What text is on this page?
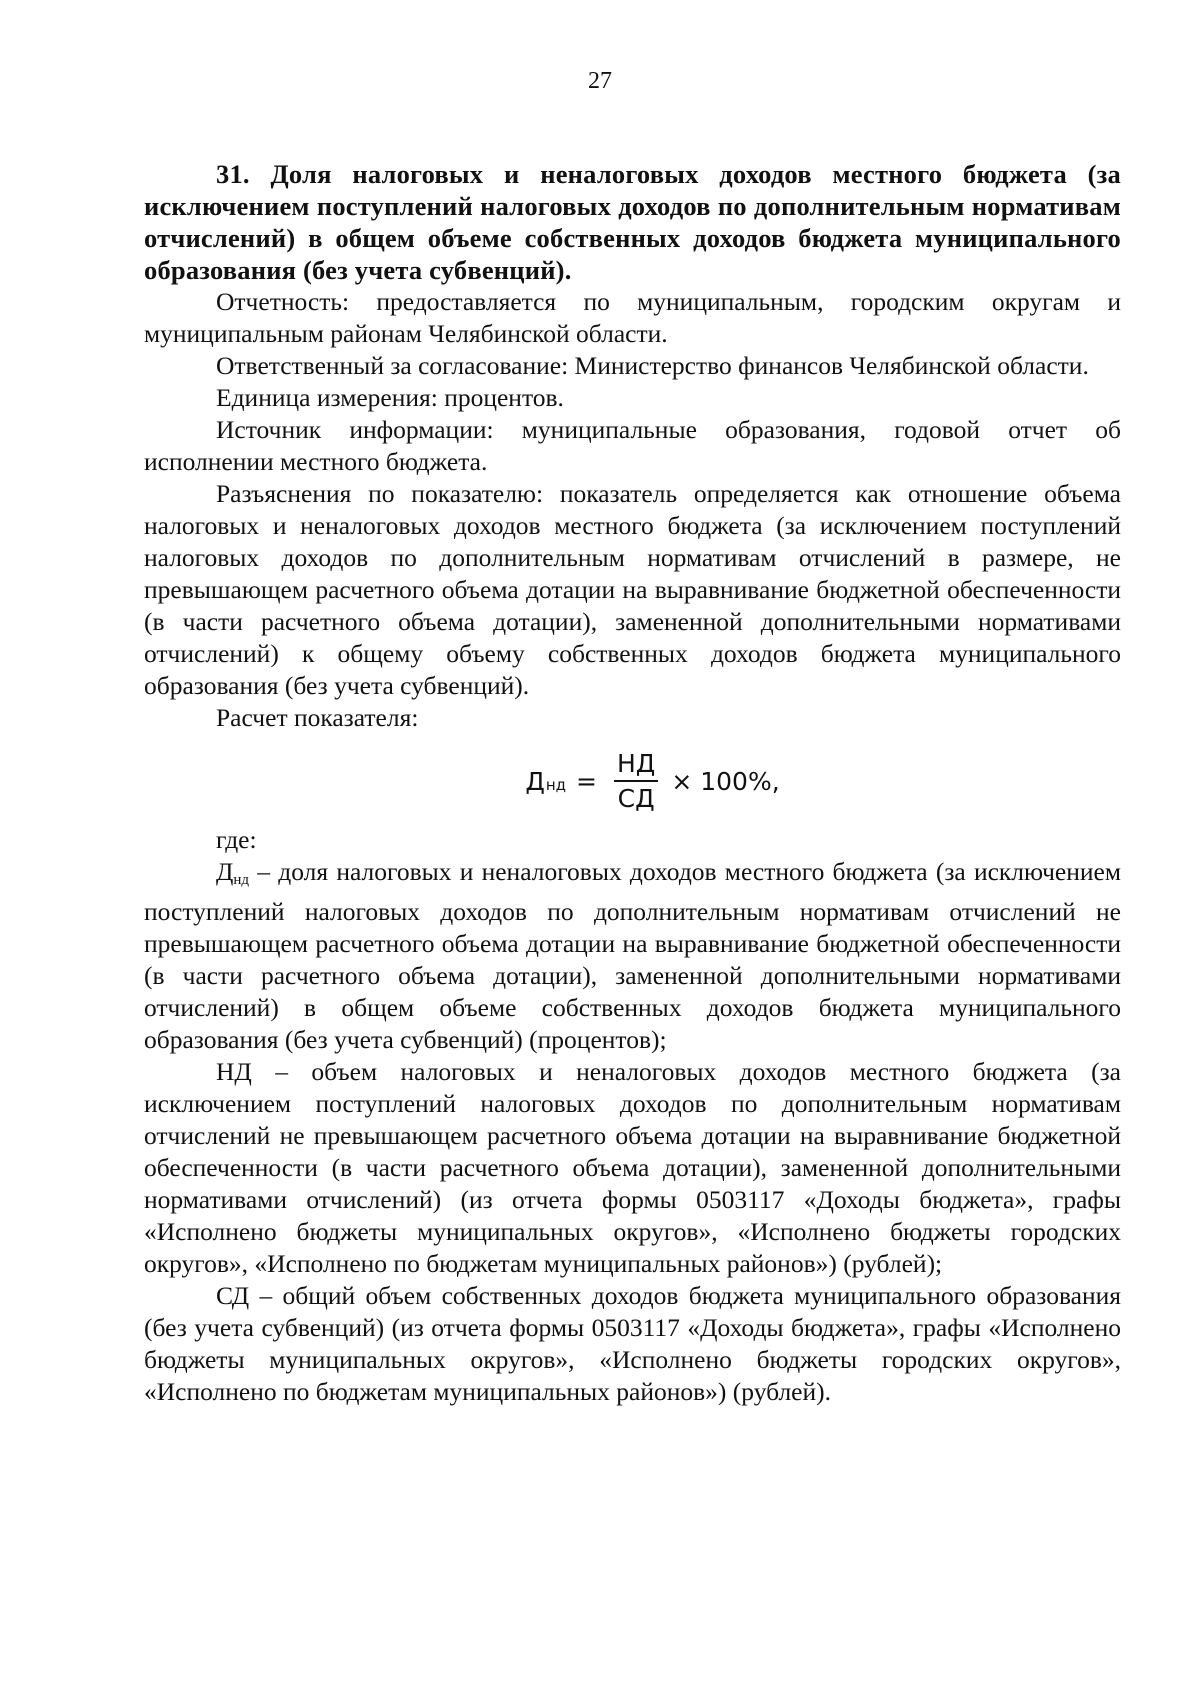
27

31. Доля налоговых и неналоговых доходов местного бюджета (за исключением поступлений налоговых доходов по дополнительным нормативам отчислений) в общем объеме собственных доходов бюджета муниципального образования (без учета субвенций).

Отчетность: предоставляется по муниципальным, городским округам и муниципальным районам Челябинской области.

Ответственный за согласование: Министерство финансов Челябинской области.

Единица измерения: процентов.

Источник информации: муниципальные образования, годовой отчет об исполнении местного бюджета.

Разъяснения по показателю: показатель определяется как отношение объема налоговых и неналоговых доходов местного бюджета (за исключением поступлений налоговых доходов по дополнительным нормативам отчислений в размере, не превышающем расчетного объема дотации на выравнивание бюджетной обеспеченности (в части расчетного объема дотации), замененной дополнительными нормативами отчислений) к общему объему собственных доходов бюджета муниципального образования (без учета субвенций).

Расчет показателя:

Д нд = $\frac{НД}{СД} \times 100\%$,

где:

Днд – доля налоговых и неналоговых доходов местного бюджета (за исключением поступлений налоговых доходов по дополнительным нормативам отчислений не превышающем расчетного объема дотации на выравнивание бюджетной обеспеченности (в части расчетного объема дотации), замененной дополнительными нормативами отчислений) в общем объеме собственных доходов бюджета муниципального образования (без учета субвенций) (процентов);

НД – объем налоговых и неналоговых доходов местного бюджета (за исключением поступлений налоговых доходов по дополнительным нормативам отчислений не превышающем расчетного объема дотации на выравнивание бюджетной обеспеченности (в части расчетного объема дотации), замененной дополнительными нормативами отчислений) (из отчета формы 0503117 «Доходы бюджета», графы «Исполнено бюджеты муниципальных округов», «Исполнено бюджеты городских округов», «Исполнено по бюджетам муниципальных районов») (рублей);

СД – общий объем собственных доходов бюджета муниципального образования (без учета субвенций) (из отчета формы 0503117 «Доходы бюджета», графы «Исполнено бюджеты муниципальных округов», «Исполнено бюджеты городских округов», «Исполнено по бюджетам муниципальных районов») (рублей).
